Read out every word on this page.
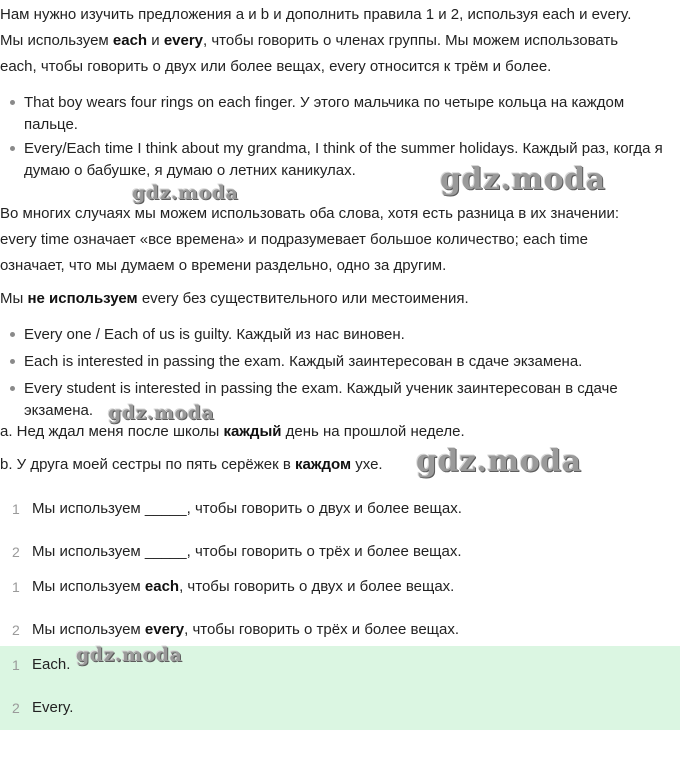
Нам нужно изучить предложения a и b и дополнить правила 1 и 2, используя each и every.

Мы используем each и every, чтобы говорить о членах группы. Мы можем использовать

each, чтобы говорить о двух или более вещах, every относится к трём и более.

That boy wears four rings on each finger. У этого мальчика по четыре кольца на каждом пальце.
Every/Each time I think about my grandma, I think of the summer holidays. Каждый раз, когда я думаю о бабушке, я думаю о летних каникулах.	gdz.moda
gdz.moda

Во многих случаях мы можем использовать оба слова, хотя есть разница в их значении:

every time означает «все времена» и подразумевает большое количество; each time

означает, что мы думаем о времени раздельно, одно за другим.

Мы не используем every без существительного или местоимения.

Every one / Each of us is guilty. Каждый из нас виновен.
Each is interested in passing the exam. Каждый заинтересован в сдаче экзамена.
Every student is interested in passing the exam. Каждый ученик заинтересован в сдаче экзамена. gdz.moda

a. Нед ждал меня после школы каждый день на прошлой неделе.

b. У друга моей сестры по пять серёжек в каждом ухе.	gdz.moda
1 Мы используем _____, чтобы говорить о двух и более вещах.
2 Мы используем _____, чтобы говорить о трёх и более вещах.
1 Мы используем each, чтобы говорить о двух и более вещах.
2 Мы используем every, чтобы говорить о трёх и более вещах.
1 Each.
2 Every.
gdz.moda
